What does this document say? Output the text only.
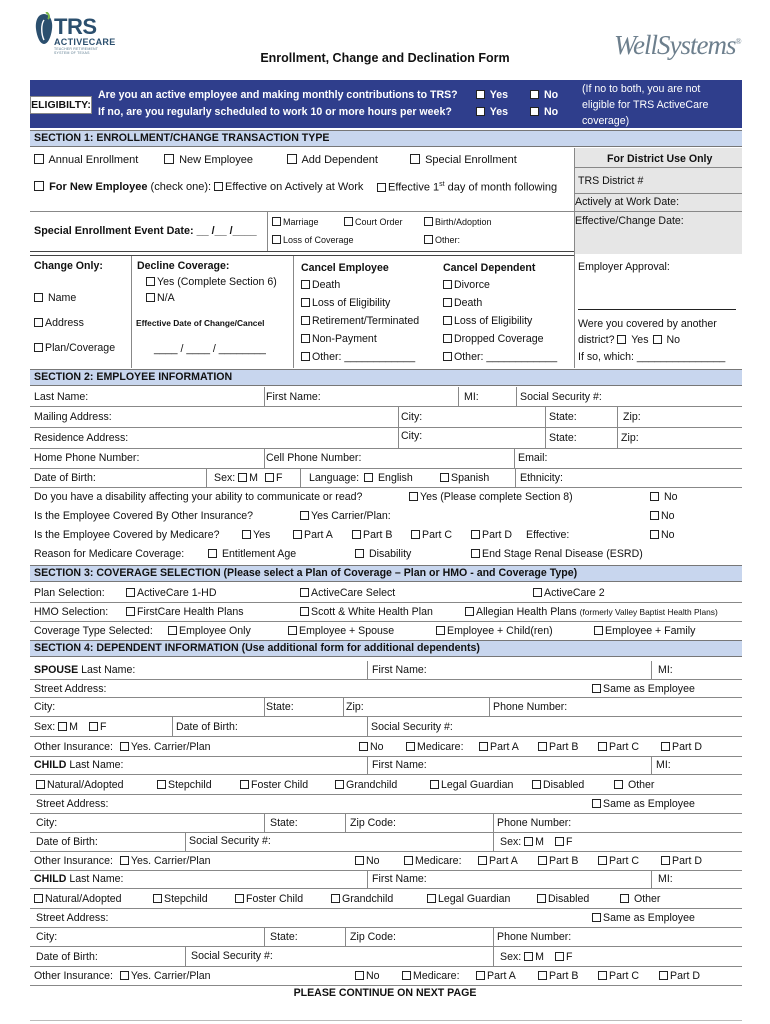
TRS
ACTIVECARE
TEACHER RETIREMENT SYSTEM OF TEXAS	Enrollment, Change and Declination Form	WellSystems®
ELIGIBILTY:
Are you an active employee and making monthly contributions to TRS?
If no, are you regularly scheduled to work 10 or more hours per week?
Yes	No
Yes	No
(If no to both, you are not eligible for TRS ActiveCare coverage)
SECTION 1: ENROLLMENT/CHANGE TRANSACTION TYPE
Annual Enrollment	New Employee	Add Dependent	Special Enrollment
For New Employee (check one):	Effective on Actively at Work	Effective 1st day of month following
Special Enrollment Event Date: __ /__ /____
Marriage	Court Order	Birth/Adoption
Loss of Coverage	Other:
Change Only:
Name
Address
Plan/Coverage
Decline Coverage:
Yes (Complete Section 6)
N/A
Effective Date of Change/Cancel
____ / ____ / ________
Cancel Employee
Death
Loss of Eligibility
Retirement/Terminated
Non-Payment
Other: ____________
Cancel Dependent
Divorce
Death
Loss of Eligibility
Dropped Coverage
Other: ____________
For District Use Only
TRS District #
Actively at Work Date:
Effective/Change Date:
Employer Approval:
Were you covered by another
district? Yes No
If so, which: _______________
SECTION 2: EMPLOYEE INFORMATION
Last Name:	First Name:	MI:	Social Security #:
Mailing Address:	City:	State:	Zip:
Residence Address:	City:	State:	Zip:
Home Phone Number:	Cell Phone Number:	Email:
Date of Birth:	Sex: M F	Language: English	Spanish	Ethnicity:
Do you have a disability affecting your ability to communicate or read?	Yes (Please complete Section 8)	No
Is the Employee Covered By Other Insurance?	Yes Carrier/Plan:	No
Is the Employee Covered by Medicare?	Yes	Part A	Part B	Part C	Part D Effective:	No
Reason for Medicare Coverage:	Entitlement Age	Disability	End Stage Renal Disease (ESRD)
SECTION 3: COVERAGE SELECTION (Please select a Plan of Coverage – Plan or HMO - and Coverage Type)
Plan Selection:	ActiveCare 1-HD	ActiveCare Select	ActiveCare 2
HMO Selection:	FirstCare Health Plans	Scott & White Health Plan	Allegian Health Plans (formerly Valley Baptist Health Plans)
Coverage Type Selected:	Employee Only	Employee + Spouse	Employee + Child(ren)	Employee + Family
SECTION 4: DEPENDENT INFORMATION (Use additional form for additional dependents)
SPOUSE Last Name:	First Name:	MI:
Street Address:	Same as Employee
City:	State:	Zip:	Phone Number:
Sex: M F	Date of Birth:	Social Security #:
Other Insurance: Yes. Carrier/Plan	No	Medicare:	Part A	Part B	Part C	Part D
CHILD Last Name:	First Name:	MI:
Natural/Adopted	Stepchild	Foster Child	Grandchild	Legal Guardian	Disabled	Other
Street Address:	Same as Employee
City:	State:	Zip Code:	Phone Number:
Date of Birth:	Social Security #:	Sex: M F
Other Insurance: Yes. Carrier/Plan	No	Medicare:	Part A	Part B	Part C	Part D
CHILD Last Name:	First Name:	MI:
Natural/Adopted	Stepchild	Foster Child	Grandchild	Legal Guardian	Disabled	Other
Street Address:	Same as Employee
City:	State:	Zip Code:	Phone Number:
Date of Birth:	Social Security #:	Sex: M F
Other Insurance: Yes. Carrier/Plan	No	Medicare:	Part A	Part B	Part C	Part D
PLEASE CONTINUE ON NEXT PAGE
